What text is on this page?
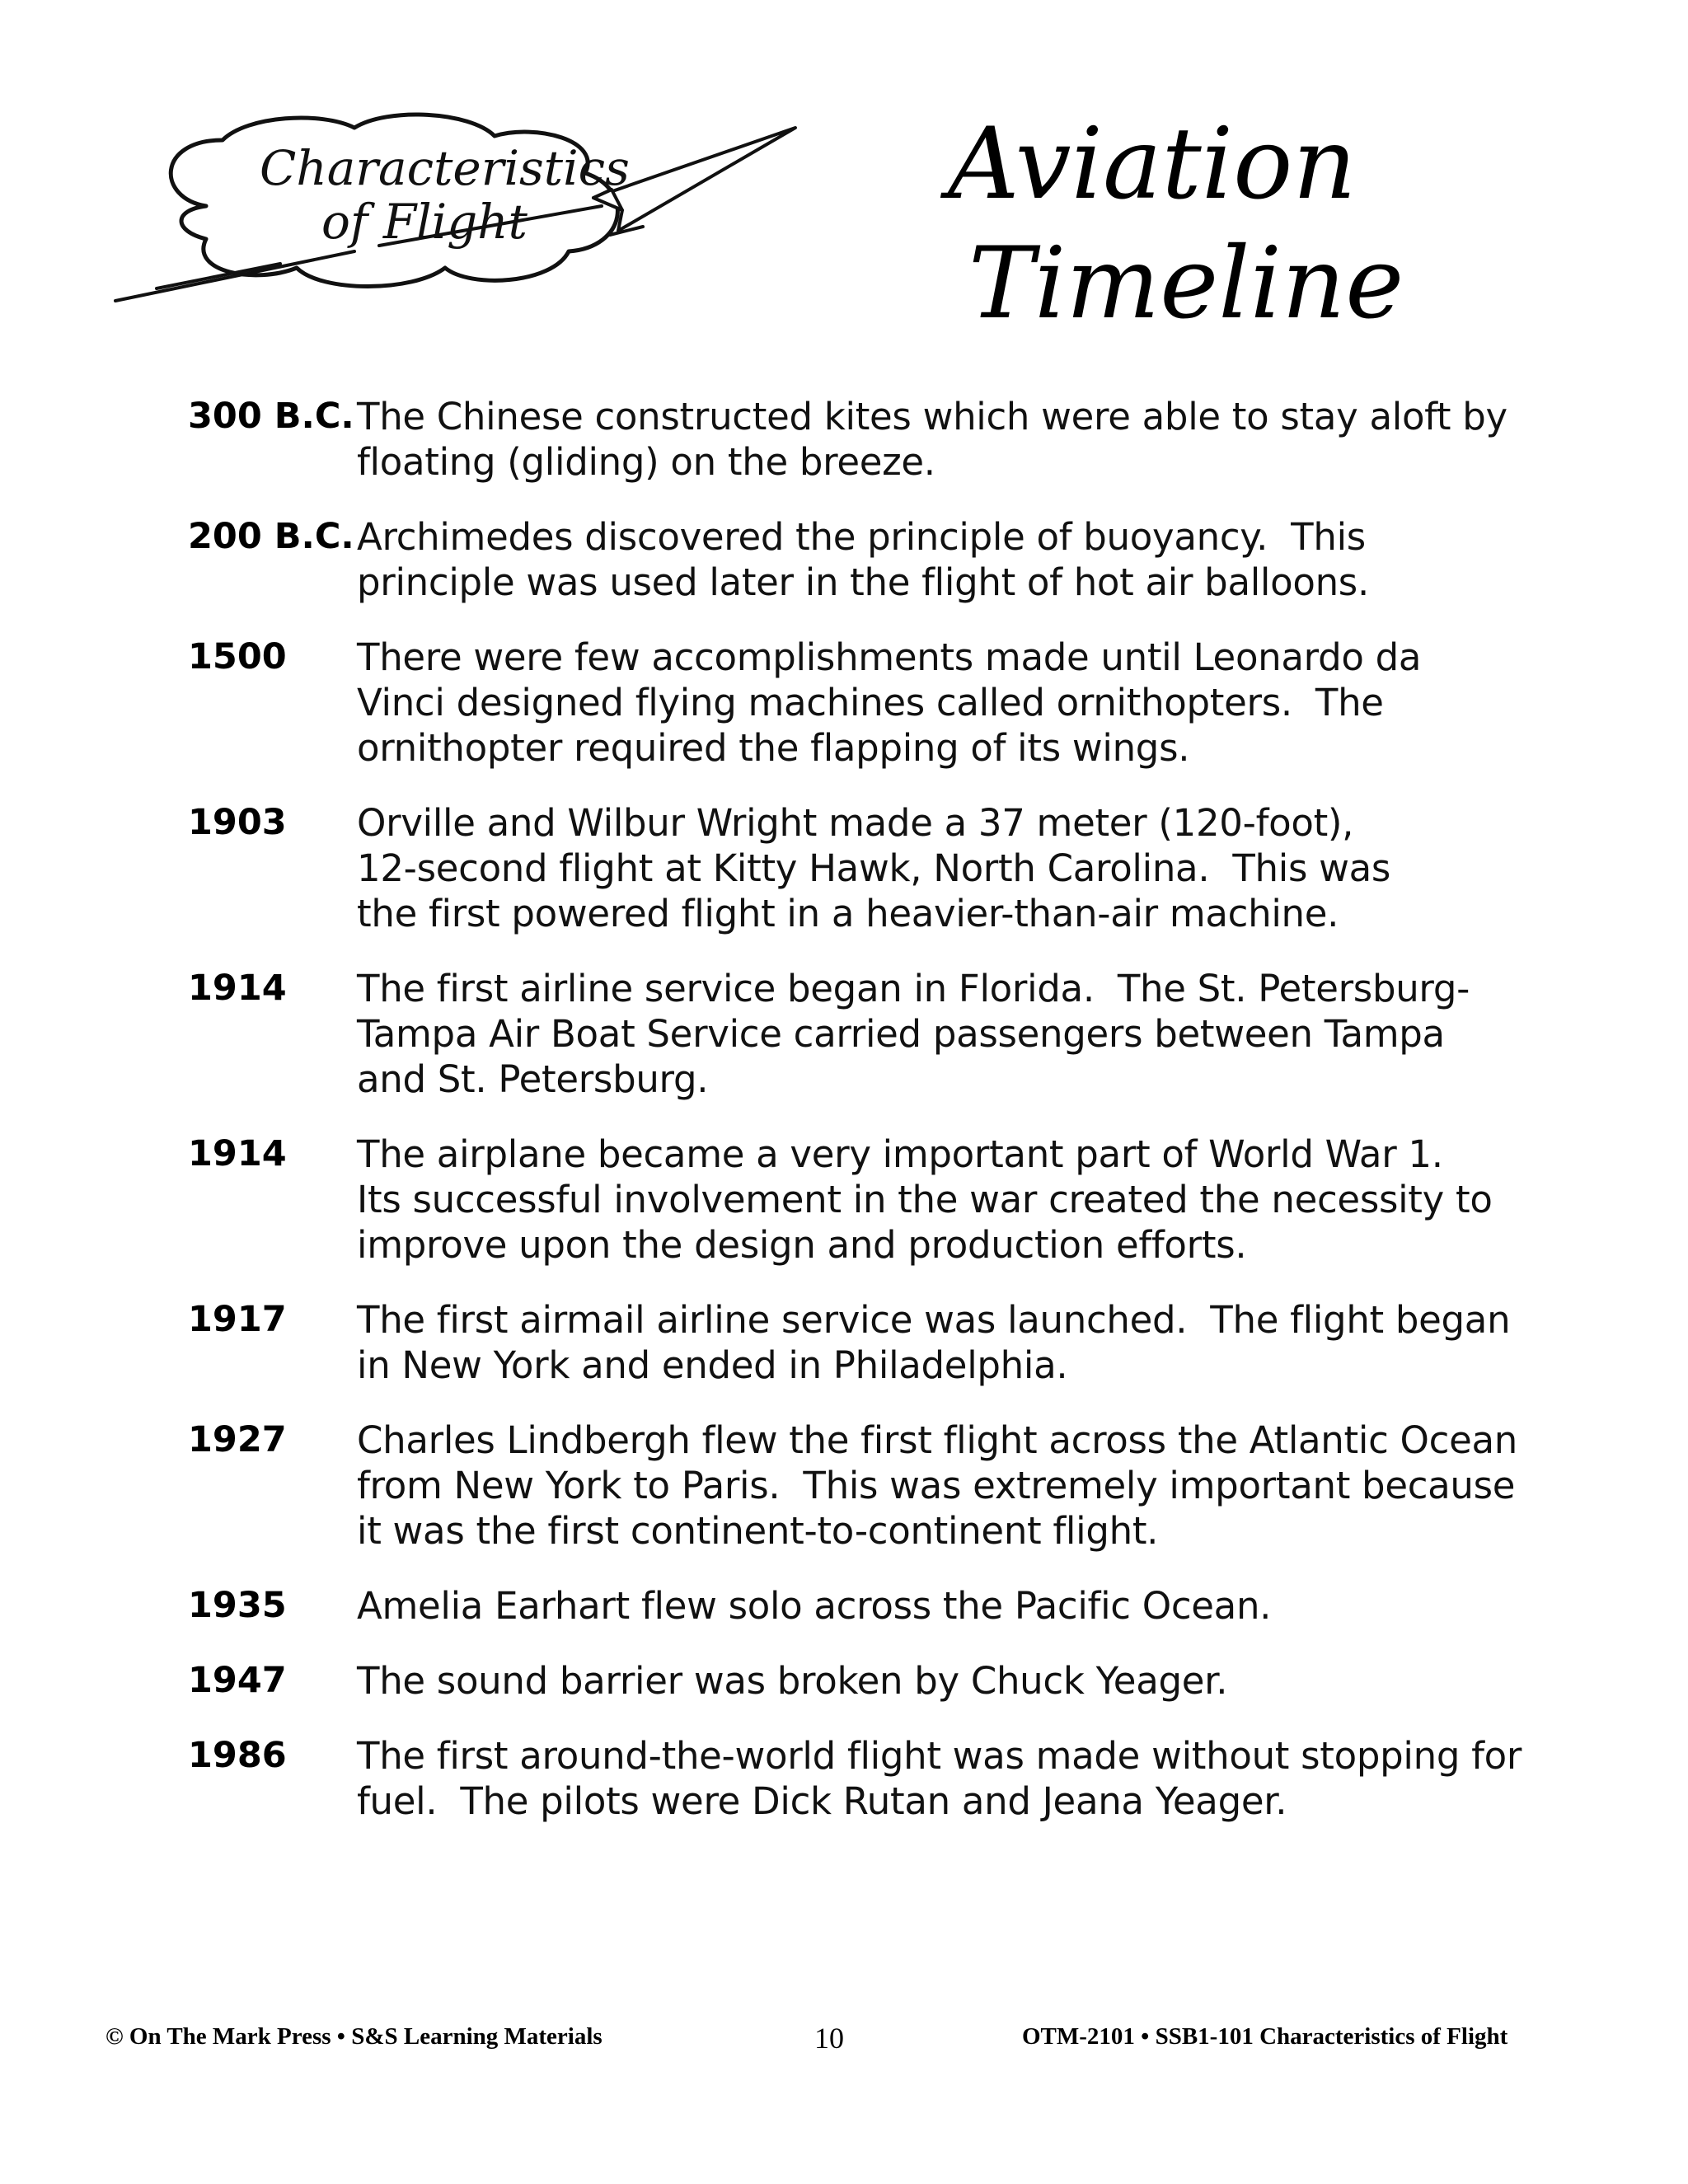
Characteristics
of Flight	Aviation
Timeline
300 B.C. The Chinese constructed kites which were able to stay aloft by
floating (gliding) on the breeze.
200 B.C. Archimedes discovered the principle of buoyancy.  This
principle was used later in the flight of hot air balloons.
1500	There were few accomplishments made until Leonardo da
Vinci designed flying machines called ornithopters.  The
ornithopter required the flapping of its wings.
1903	Orville and Wilbur Wright made a 37 meter (120-foot),
12-second flight at Kitty Hawk, North Carolina.  This was
the first powered flight in a heavier-than-air machine.
1914	The first airline service began in Florida.  The St. Petersburg-
Tampa Air Boat Service carried passengers between Tampa
and St. Petersburg.
1914	The airplane became a very important part of World War 1.
Its successful involvement in the war created the necessity to
improve upon the design and production efforts.
1917	The first airmail airline service was launched.  The flight began
in New York and ended in Philadelphia.
1927	Charles Lindbergh flew the first flight across the Atlantic Ocean
from New York to Paris.  This was extremely important because
it was the first continent-to-continent flight.
1935	Amelia Earhart flew solo across the Pacific Ocean.
1947	The sound barrier was broken by Chuck Yeager.
1986	The first around-the-world flight was made without stopping for
fuel.  The pilots were Dick Rutan and Jeana Yeager.
© On The Mark Press • S&S Learning Materials	10	OTM-2101 • SSB1-101 Characteristics of Flight
